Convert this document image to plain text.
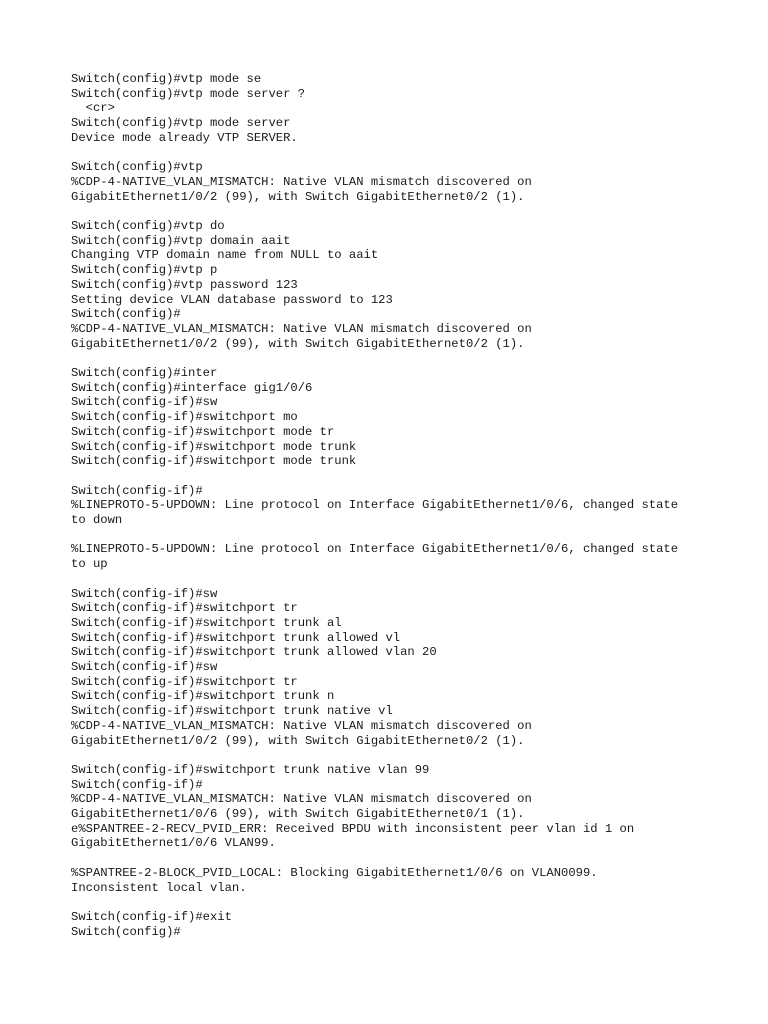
Switch(config)#vtp mode se
Switch(config)#vtp mode server ?
<cr>
Switch(config)#vtp mode server
Device mode already VTP SERVER.
Switch(config)#vtp
%CDP-4-NATIVE_VLAN_MISMATCH: Native VLAN mismatch discovered on
GigabitEthernet1/0/2 (99), with Switch GigabitEthernet0/2 (1).
Switch(config)#vtp do
Switch(config)#vtp domain aait
Changing VTP domain name from NULL to aait
Switch(config)#vtp p
Switch(config)#vtp password 123
Setting device VLAN database password to 123
Switch(config)#
%CDP-4-NATIVE_VLAN_MISMATCH: Native VLAN mismatch discovered on
GigabitEthernet1/0/2 (99), with Switch GigabitEthernet0/2 (1).
Switch(config)#inter
Switch(config)#interface gig1/0/6
Switch(config-if)#sw
Switch(config-if)#switchport mo
Switch(config-if)#switchport mode tr
Switch(config-if)#switchport mode trunk
Switch(config-if)#switchport mode trunk
Switch(config-if)#
%LINEPROTO-5-UPDOWN: Line protocol on Interface GigabitEthernet1/0/6, changed state
to down
%LINEPROTO-5-UPDOWN: Line protocol on Interface GigabitEthernet1/0/6, changed state
to up
Switch(config-if)#sw
Switch(config-if)#switchport tr
Switch(config-if)#switchport trunk al
Switch(config-if)#switchport trunk allowed vl
Switch(config-if)#switchport trunk allowed vlan 20
Switch(config-if)#sw
Switch(config-if)#switchport tr
Switch(config-if)#switchport trunk n
Switch(config-if)#switchport trunk native vl
%CDP-4-NATIVE_VLAN_MISMATCH: Native VLAN mismatch discovered on
GigabitEthernet1/0/2 (99), with Switch GigabitEthernet0/2 (1).
Switch(config-if)#switchport trunk native vlan 99
Switch(config-if)#
%CDP-4-NATIVE_VLAN_MISMATCH: Native VLAN mismatch discovered on
GigabitEthernet1/0/6 (99), with Switch GigabitEthernet0/1 (1).
e%SPANTREE-2-RECV_PVID_ERR: Received BPDU with inconsistent peer vlan id 1 on
GigabitEthernet1/0/6 VLAN99.
%SPANTREE-2-BLOCK_PVID_LOCAL: Blocking GigabitEthernet1/0/6 on VLAN0099.
Inconsistent local vlan.
Switch(config-if)#exit
Switch(config)#
